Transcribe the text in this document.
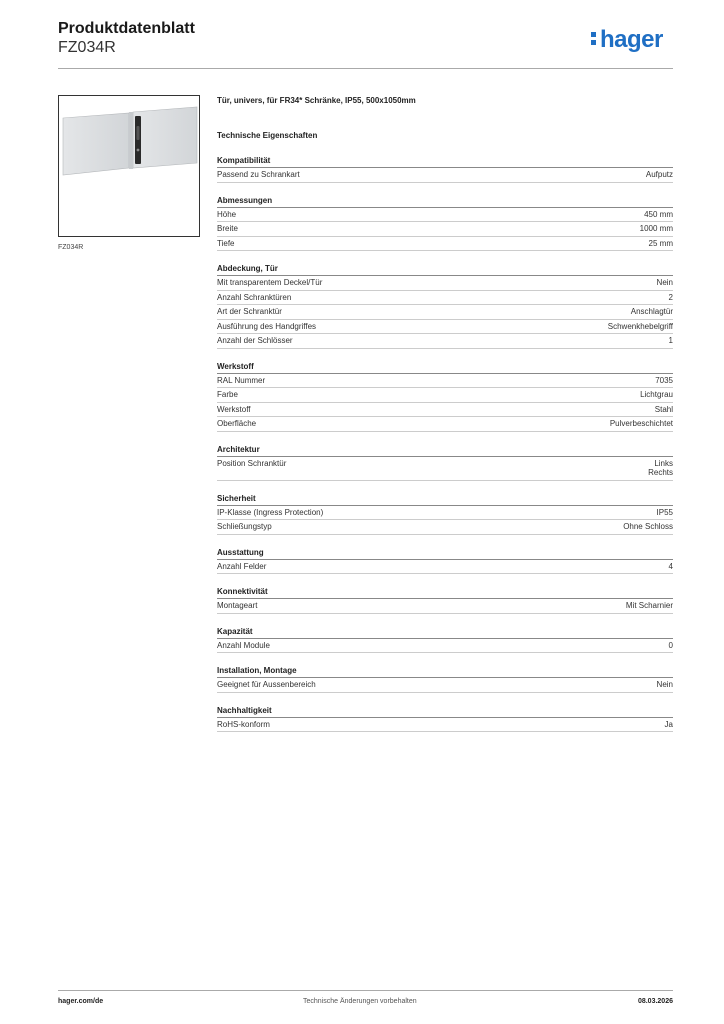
Produktdatenblatt
FZ034R	hager
FZ034R
Tür, univers, für FR34* Schränke, IP55, 500x1050mm
Technische Eigenschaften
Kompatibilität
Passend zu Schrankart	Aufputz
Abmessungen
Höhe	450 mm
Breite	1000 mm
Tiefe	25 mm
Abdeckung, Tür
Mit transparentem Deckel/Tür	Nein
Anzahl Schranktüren	2
Art der Schranktür	Anschlagtür
Ausführung des Handgriffes	Schwenkhebelgriff
Anzahl der Schlösser	1
Werkstoff
RAL Nummer	7035
Farbe	Lichtgrau
Werkstoff	Stahl
Oberfläche	Pulverbeschichtet
Architektur
Position Schranktür	Links
Rechts
Sicherheit
IP-Klasse (Ingress Protection)	IP55
Schließungstyp	Ohne Schloss
Ausstattung
Anzahl Felder	4
Konnektivität
Montageart	Mit Scharnier
Kapazität
Anzahl Module	0
Installation, Montage
Geeignet für Aussenbereich	Nein
Nachhaltigkeit
RoHS-konform	Ja
hager.com/de	Technische Änderungen vorbehalten	08.03.2026
